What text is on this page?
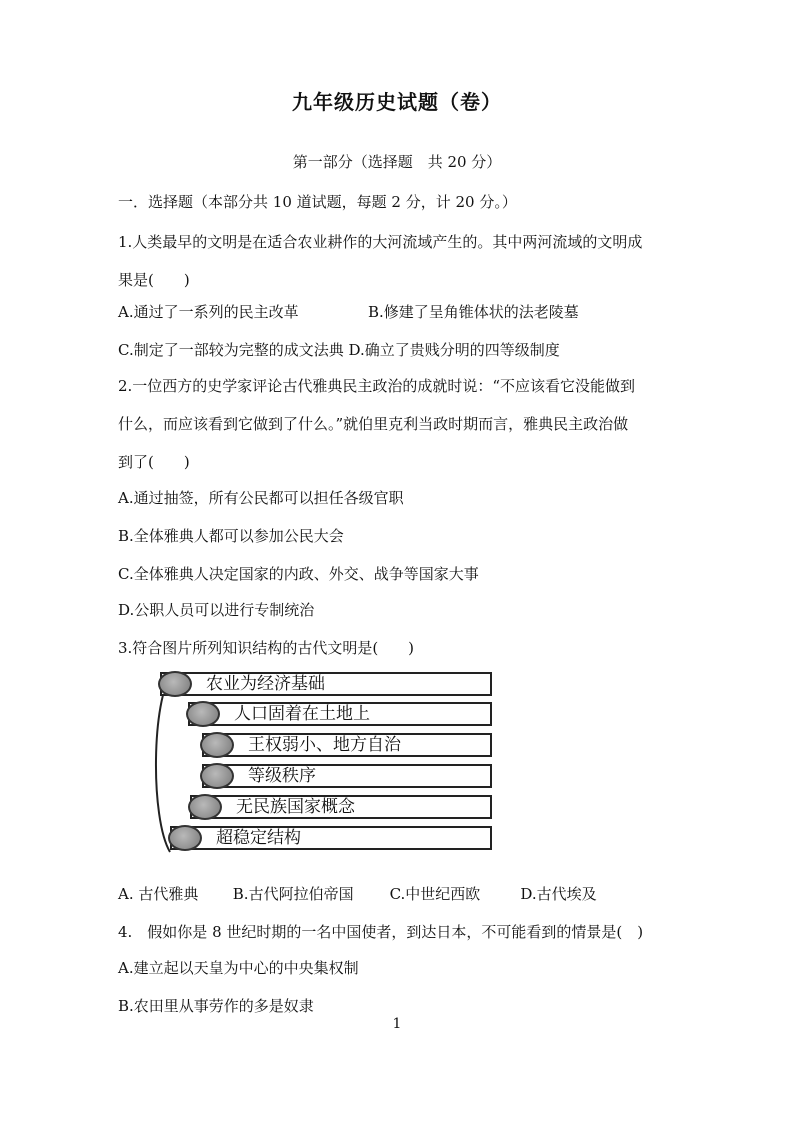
九年级历史试题（卷）
第一部分（选择题　共 20 分）
一．选择题（本部分共 10 道试题，每题 2 分，计 20 分。）
1.人类最早的文明是在适合农业耕作的大河流域产生的。其中两河流域的文明成
果是(　　)
A.通过了一系列的民主改革	B.修建了呈角锥体状的法老陵墓
C.制定了一部较为完整的成文法典 D.确立了贵贱分明的四等级制度
2.一位西方的史学家评论古代雅典民主政治的成就时说：“不应该看它没能做到
什么，而应该看到它做到了什么。”就伯里克利当政时期而言，雅典民主政治做
到了(　　)
A.通过抽签，所有公民都可以担任各级官职
B.全体雅典人都可以参加公民大会
C.全体雅典人决定国家的内政、外交、战争等国家大事
D.公职人员可以进行专制统治
3.符合图片所列知识结构的古代文明是(　　)
农业为经济基础
人口固着在土地上
王权弱小、地方自治
等级秩序
无民族国家概念
超稳定结构
A. 古代雅典 B.古代阿拉伯帝国 C.中世纪西欧	D.古代埃及
4.　假如你是 8 世纪时期的一名中国使者，到达日本，不可能看到的情景是(　)
A.建立起以天皇为中心的中央集权制
B.农田里从事劳作的多是奴隶
1
